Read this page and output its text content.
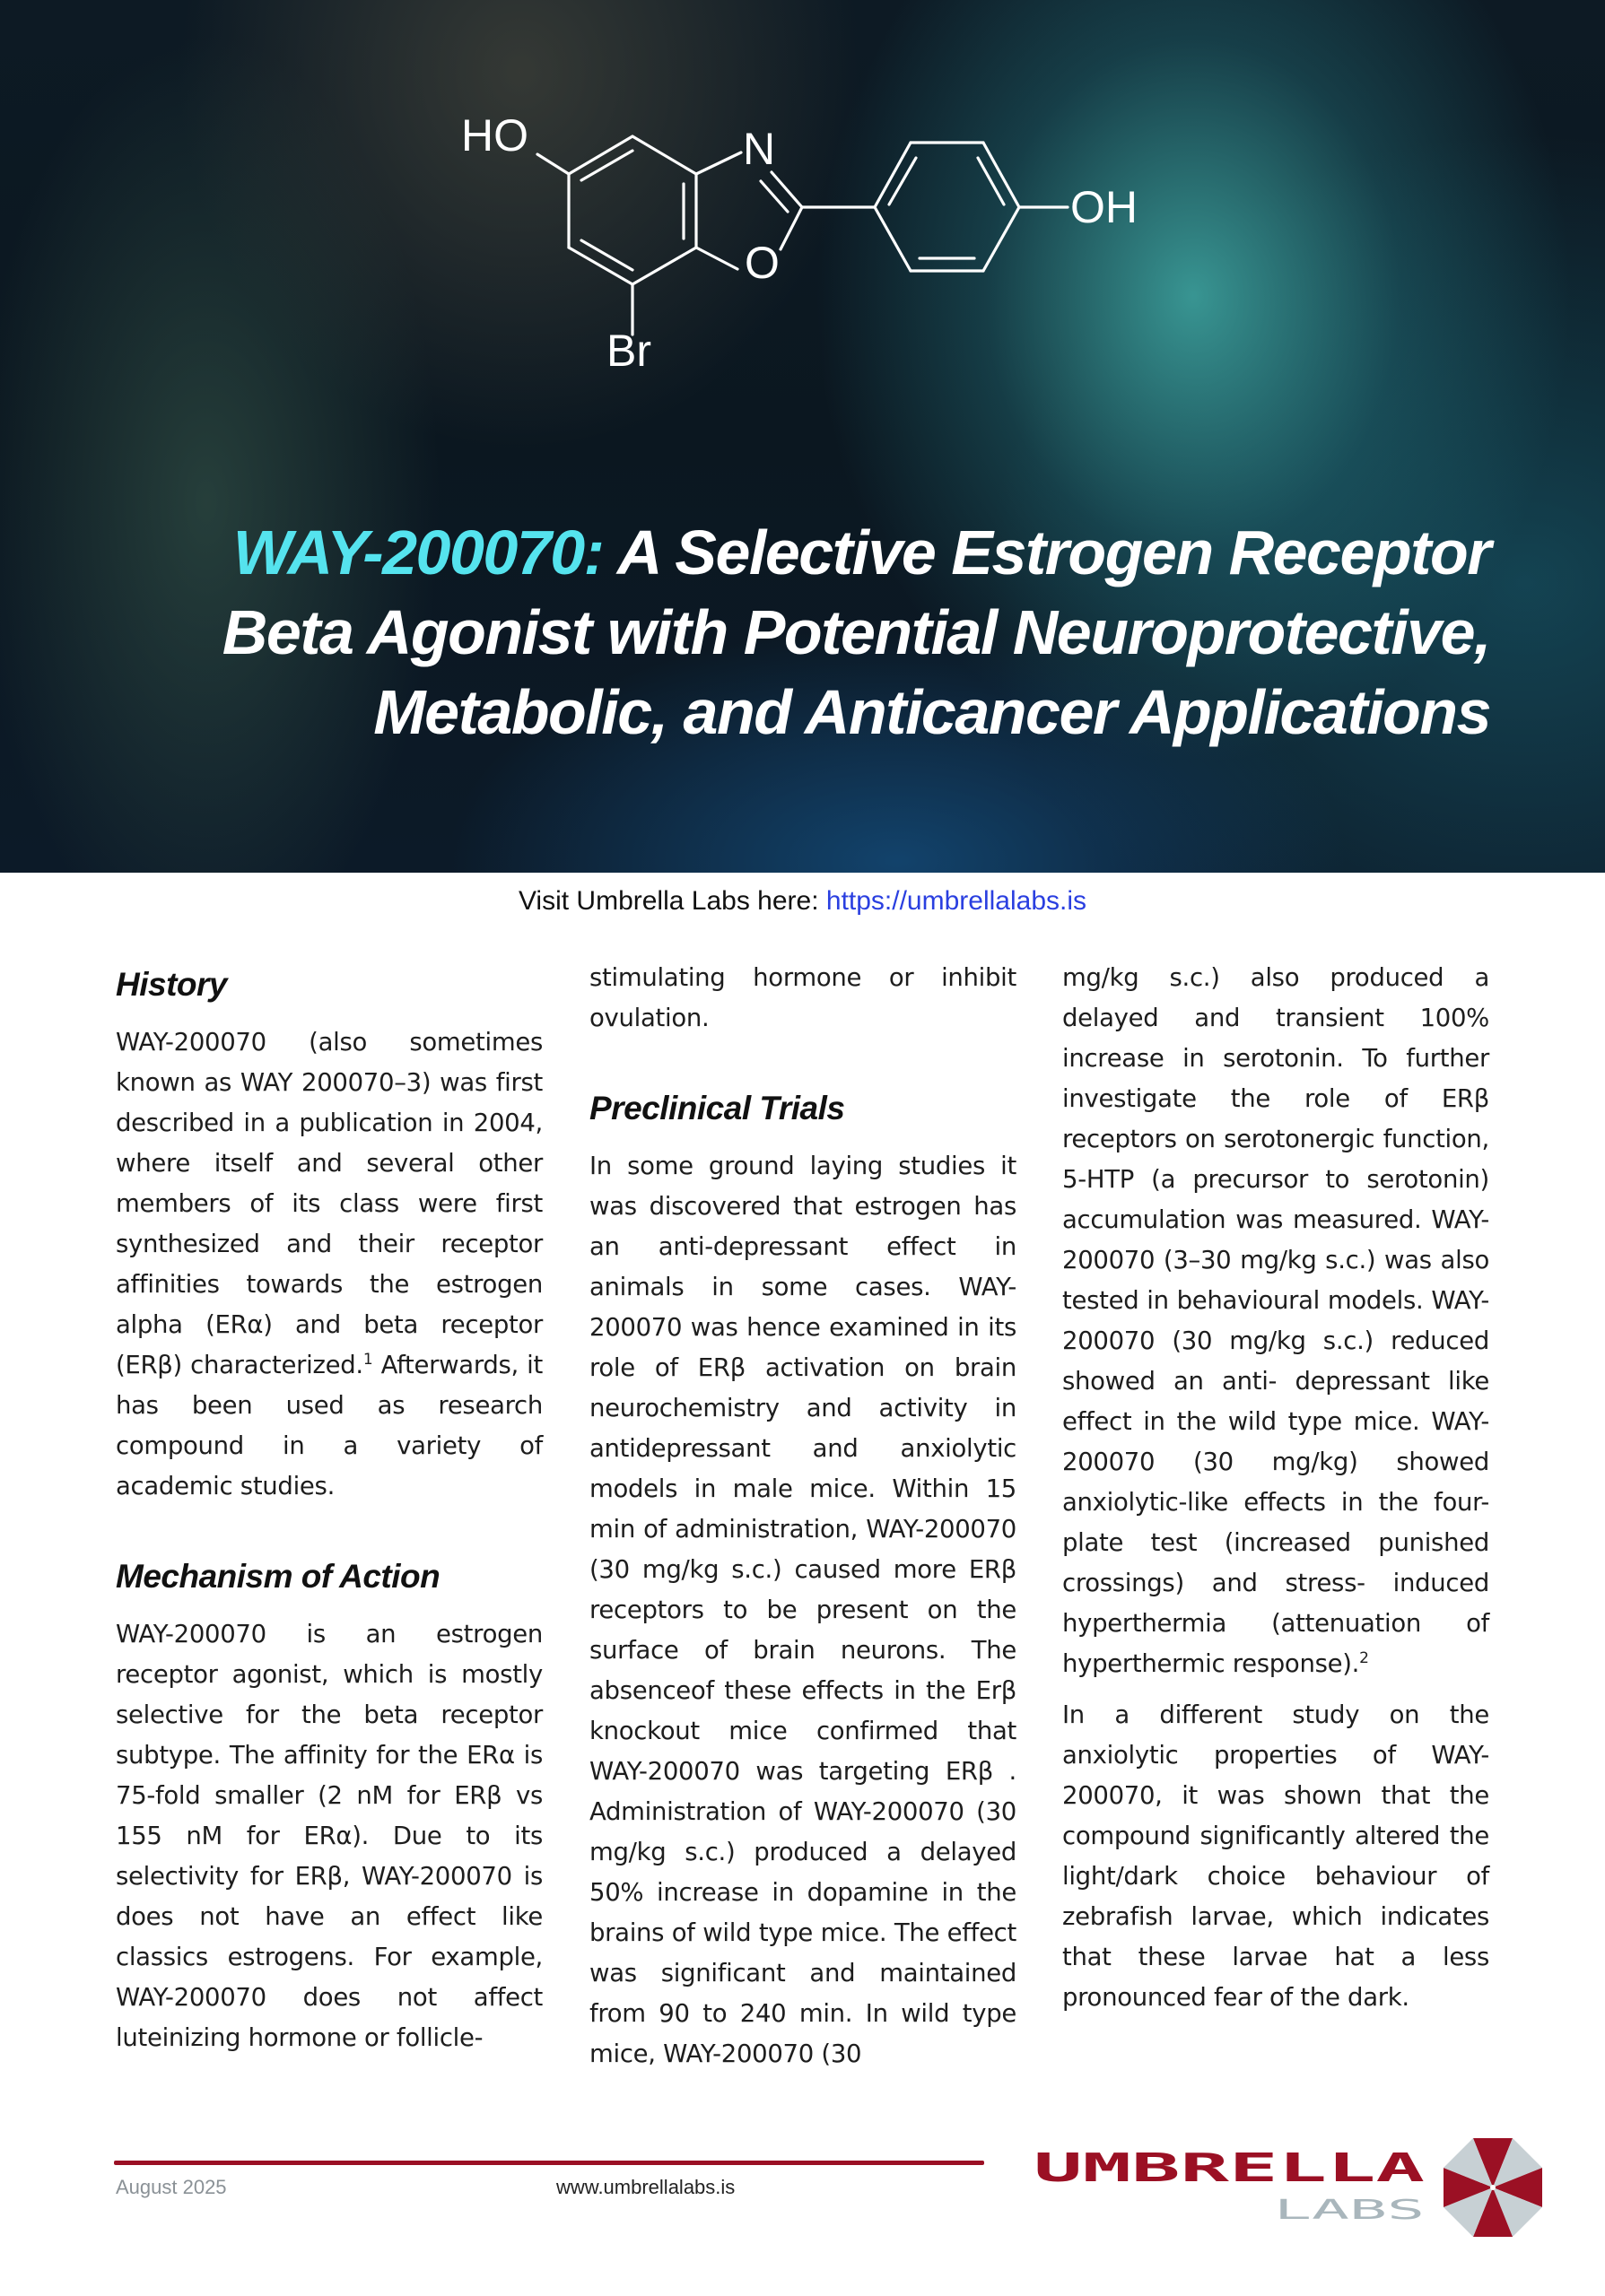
HO	N
O
OH
Br
WAY-200070: A Selective Estrogen Receptor
Beta Agonist with Potential Neuroprotective,
Metabolic, and Anticancer Applications
Visit Umbrella Labs here: https://umbrellalabs.is
History

WAY-200070 (also sometimes known as WAY 200070–3) was first described in a publication in 2004, where itself and several other members of its class were first synthesized and their receptor affinities towards the estrogen alpha (ERα) and beta receptor (ERβ) characterized.$^1$ Afterwards, it has been used as research compound in a variety of academic studies.

Mechanism of Action

WAY-200070 is an estrogen receptor agonist, which is mostly selective for the beta receptor subtype. The affinity for the ERα is 75-fold smaller (2 nM for ERβ vs 155 nM for ERα). Due to its selectivity for ERβ, WAY-200070 is does not have an effect like classics estrogens. For example, WAY-200070 does not affect luteinizing hormone or follicle-

stimulating hormone or inhibit ovulation.

Preclinical Trials

In some ground laying studies it was discovered that estrogen has an anti-depressant effect in animals in some cases. WAY-200070 was hence examined in its role of ERβ activation on brain neurochemistry and activity in antidepressant and anxiolytic models in male mice. Within 15 min of administration, WAY-200070 (30 mg/kg s.c.) caused more ERβ receptors to be present on the surface of brain neurons. The absenceof these effects in the Erβ knockout mice confirmed that WAY-200070 was targeting ERβ . Administration of WAY-200070 (30 mg/kg s.c.) produced a delayed 50% increase in dopamine in the brains of wild type mice. The effect was significant and maintained from 90 to 240 min. In wild type mice, WAY-200070 (30

mg/kg s.c.) also produced a delayed and transient 100% increase in serotonin. To further investigate the role of ERβ receptors on serotonergic function, 5-HTP (a precursor to serotonin) accumulation was measured. WAY-200070 (3–30 mg/kg s.c.) was also tested in behavioural models. WAY-200070 (30 mg/kg s.c.) reduced showed an anti- depressant like effect in the wild type mice. WAY-200070 (30 mg/kg) showed anxiolytic-like effects in the four-plate test (increased punished crossings) and stress- induced hyperthermia (attenuation of hyperthermic response).$^2$

In a different study on the anxiolytic properties of WAY-200070, it was shown that the compound significantly altered the light/dark choice behaviour of zebrafish larvae, which indicates that these larvae hat a less pronounced fear of the dark.

August 2025	www.umbrellalabs.is	UMBRELLA
LABS
